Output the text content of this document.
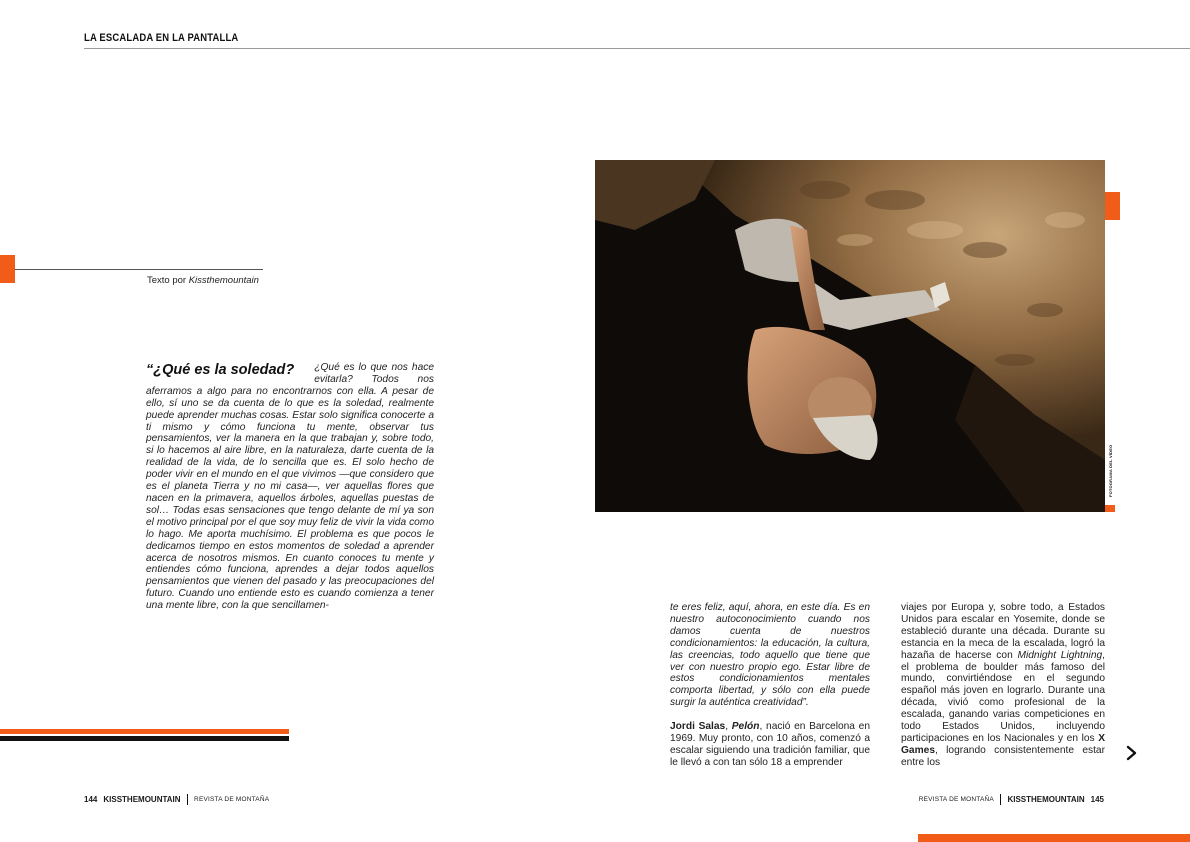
LA ESCALADA EN LA PANTALLA
Texto por Kissthemountain
“¿Qué es la soledad? ¿Qué es lo que nos hace evitarla? Todos nos aferramos a algo para no encontrarnos con ella. A pesar de ello, sí uno se da cuenta de lo que es la soledad, realmente puede aprender muchas cosas. Estar solo significa conocerte a ti mismo y cómo funciona tu mente, observar tus pensamientos, ver la manera en la que trabajan y, sobre todo, si lo hacemos al aire libre, en la naturaleza, darte cuenta de la realidad de la vida, de lo sencilla que es. El solo hecho de poder vivir en el mundo en el que vivimos —que considero que es el planeta Tierra y no mi casa—, ver aquellas flores que nacen en la primavera, aquellos árboles, aquellas puestas de sol… Todas esas sensaciones que tengo delante de mí ya son el motivo principal por el que soy muy feliz de vivir la vida como lo hago. Me aporta muchísimo. El problema es que pocos le dedicamos tiempo en estos momentos de soledad a aprender acerca de nosotros mismos. En cuanto conoces tu mente y entiendes cómo funciona, aprendes a dejar todos aquellos pensamientos que vienen del pasado y las preocupaciones del futuro. Cuando uno entiende esto es cuando comienza a tener una mente libre, con la que sencillamen-
144 KISSTHEMOUNTAIN REVISTA DE MONTAÑA
FOTOGRAMA DEL VÍDEO

te eres feliz, aquí, ahora, en este día. Es en nuestro autoconocimiento cuando nos damos cuenta de nuestros condicionamientos: la educación, la cultura, las creencias, todo aquello que tiene que ver con nuestro propio ego. Estar libre de estos condicionamientos mentales comporta libertad, y sólo con ella puede surgir la auténtica creatividad”.

Jordi Salas, Pelón, nació en Barcelona en 1969. Muy pronto, con 10 años, comenzó a escalar siguiendo una tradición familiar, que le llevó a con tan sólo 18 a emprender

viajes por Europa y, sobre todo, a Estados Unidos para escalar en Yosemite, donde se estableció durante una década. Durante su estancia en la meca de la escalada, logró la hazaña de hacerse con Midnight Lightning, el problema de boulder más famoso del mundo, convirtiéndose en el segundo español más joven en lograrlo. Durante una década, vivió como profesional de la escalada, ganando varias competiciones en todo Estados Unidos, incluyendo participaciones en los Nacionales y en los X Games, logrando consistentemente estar entre los

REVISTA DE MONTAÑA KISSTHEMOUNTAIN 145
